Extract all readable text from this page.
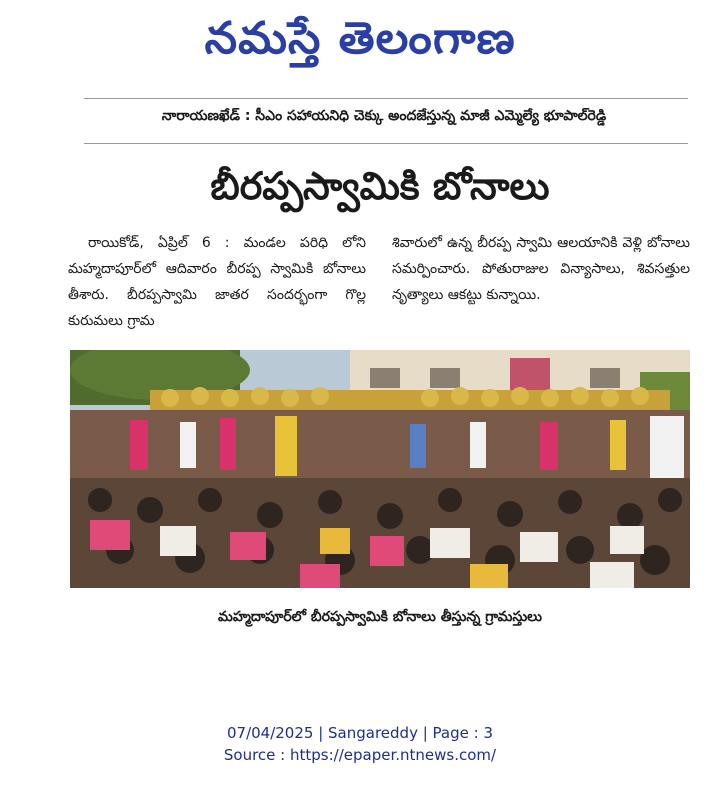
నమస్తే తెలంగాణ
నారాయణఖేడ్ : సీఎం సహాయనిధి చెక్కు అందజేస్తున్న మాజీ ఎమ్మెల్యే భూపాల్‌రెడ్డి
బీరప్పస్వామికి బోనాలు
రాయికోడ్, ఏప్రిల్ 6 : మండల పరిధి లోని మహ్మదాపూర్‌లో ఆదివారం బీరప్ప స్వామికి బోనాలు తీశారు. బీరప్పస్వామి జాతర సందర్భంగా గొల్ల కురుమలు గ్రామ
శివారులో ఉన్న బీరప్ప స్వామి ఆలయానికి వెళ్లి బోనాలు సమర్పించారు. పోతురాజుల విన్యాసాలు, శివసత్తుల నృత్యాలు ఆకట్టు కున్నాయి.
మహ్మదాపూర్‌లో బీరప్పస్వామికి బోనాలు తీస్తున్న గ్రామస్తులు
07/04/2025 | Sangareddy | Page : 3
Source : https://epaper.ntnews.com/
